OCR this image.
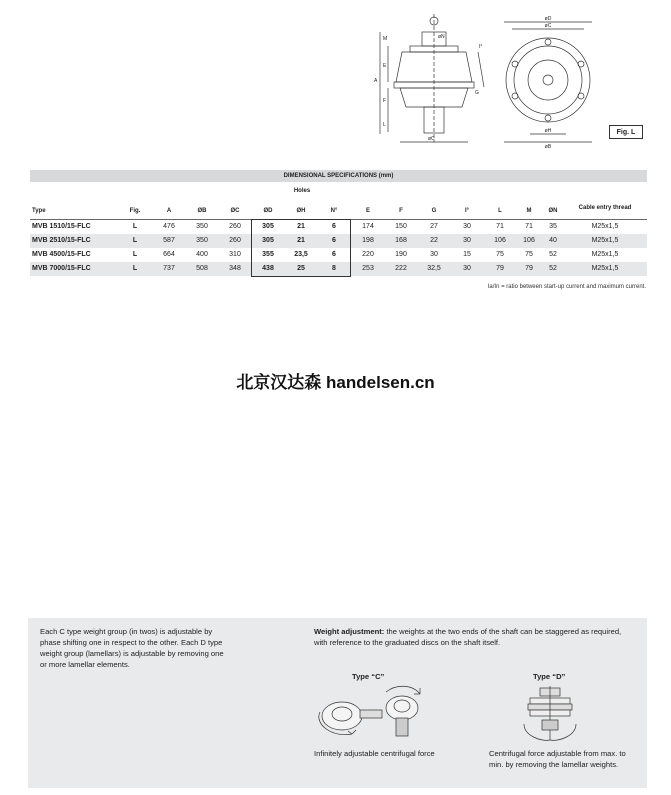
M
E
A
F
L
G
I°
øC
øN
øD
øC
øH
øB
Fig. L
DIMENSIONAL SPECIFICATIONS (mm)
Holes
Type	Fig.	A	ØB	ØC	ØD	ØH	N°	E	F	G	I°	L	M	ØN	Cable entry thread
MVB 1510/15-FLC	L	476	350	260	305	21	6	174	150	27	30	71	71	35	M25x1,5
MVB 2510/15-FLC	L	587	350	260	305	21	6	198	168	22	30	106	106	40	M25x1,5
MVB 4500/15-FLC	L	664	400	310	355	23,5	6	220	190	30	15	75	75	52	M25x1,5
MVB 7000/15-FLC	L	737	508	348	438	25	8	253	222	32,5	30	79	79	52	M25x1,5
Ia/In = ratio between start-up current and maximum current.
北京汉达森 handelsen.cn
Each C type weight group (in twos) is adjustable by phase shifting one in respect to the other. Each D type weight group (lamellars) is adjustable by removing one or more lamellar elements.
Weight adjustment: the weights at the two ends of the shaft can be staggered as required, with reference to the graduated discs on the shaft itself.
Type “C”	Type “D”
Infinitely adjustable centrifugal force	Centrifugal force adjustable from max. to min. by removing the lamellar weights.
